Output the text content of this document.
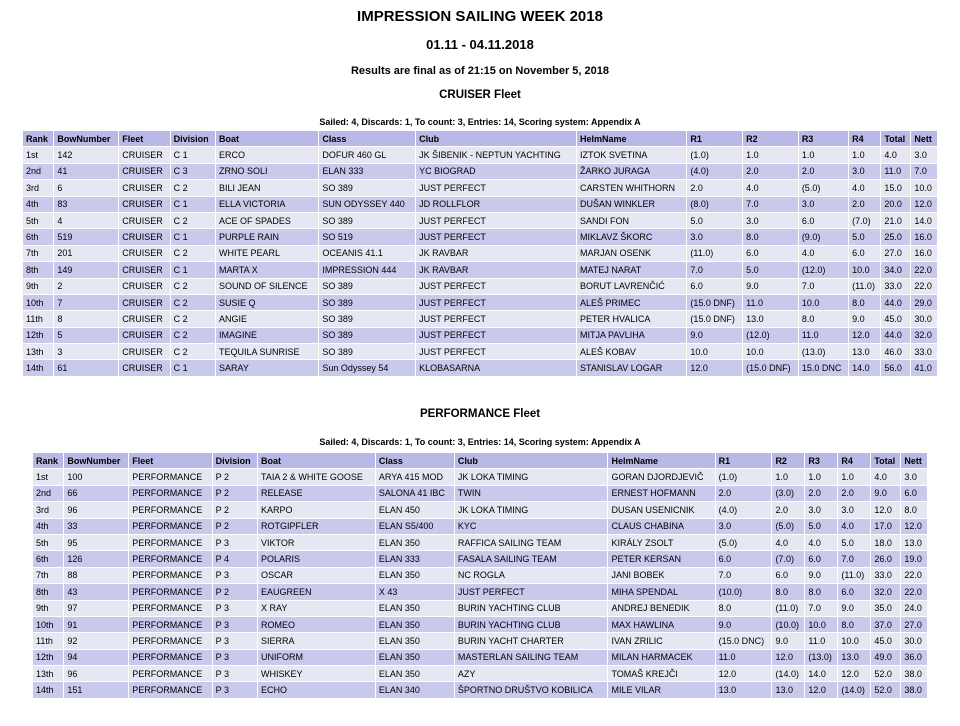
IMPRESSION SAILING WEEK 2018
01.11 - 04.11.2018
Results are final as of 21:15 on November 5, 2018
CRUISER Fleet
Sailed: 4, Discards: 1, To count: 3, Entries: 14, Scoring system: Appendix A
Rank	BowNumber	Fleet	Division	Boat	Class	Club	HelmName	R1	R2	R3	R4	Total	Nett
1st	142	CRUISER	C 1	ERCO	DOFUR 460 GL	JK ŠIBENIK - NEPTUN YACHTING	IZTOK SVETINA	(1.0)	1.0	1.0	1.0	4.0	3.0
2nd	41	CRUISER	C 3	ZRNO SOLI	ELAN 333	YC BIOGRAD	ŽARKO JURAGA	(4.0)	2.0	2.0	3.0	11.0	7.0
3rd	6	CRUISER	C 2	BILI JEAN	SO 389	JUST PERFECT	CARSTEN WHITHORN	2.0	4.0	(5.0)	4.0	15.0	10.0
4th	83	CRUISER	C 1	ELLA VICTORIA	SUN ODYSSEY 440	JD ROLLFLOR	DUŠAN WINKLER	(8.0)	7.0	3.0	2.0	20.0	12.0
5th	4	CRUISER	C 2	ACE OF SPADES	SO 389	JUST PERFECT	SANDI FON	5.0	3.0	6.0	(7.0)	21.0	14.0
6th	519	CRUISER	C 1	PURPLE RAIN	SO 519	JUST PERFECT	MIKLAVZ ŠKORC	3.0	8.0	(9.0)	5.0	25.0	16.0
7th	201	CRUISER	C 2	WHITE PEARL	OCEANIS 41.1	JK RAVBAR	MARJAN OSENK	(11.0)	6.0	4.0	6.0	27.0	16.0
8th	149	CRUISER	C 1	MARTA X	IMPRESSION 444	JK RAVBAR	MATEJ NARAT	7.0	5.0	(12.0)	10.0	34.0	22.0
9th	2	CRUISER	C 2	SOUND OF SILENCE	SO 389	JUST PERFECT	BORUT LAVRENČIĆ	6.0	9.0	7.0	(11.0)	33.0	22.0
10th	7	CRUISER	C 2	SUSIE Q	SO 389	JUST PERFECT	ALEŠ PRIMEC	(15.0 DNF)	11.0	10.0	8.0	44.0	29.0
11th	8	CRUISER	C 2	ANGIE	SO 389	JUST PERFECT	PETER HVALICA	(15.0 DNF)	13.0	8.0	9.0	45.0	30.0
12th	5	CRUISER	C 2	IMAGINE	SO 389	JUST PERFECT	MITJA PAVLIHA	9.0	(12.0)	11.0	12.0	44.0	32.0
13th	3	CRUISER	C 2	TEQUILA SUNRISE	SO 389	JUST PERFECT	ALEŠ KOBAV	10.0	10.0	(13.0)	13.0	46.0	33.0
14th	61	CRUISER	C 1	SARAY	Sun Odyssey 54	KLOBASARNA	STANISLAV LOGAR	12.0	(15.0 DNF)	15.0 DNC	14.0	56.0	41.0
PERFORMANCE Fleet
Sailed: 4, Discards: 1, To count: 3, Entries: 14, Scoring system: Appendix A
Rank	BowNumber	Fleet	Division	Boat	Class	Club	HelmName	R1	R2	R3	R4	Total	Nett
1st	100	PERFORMANCE	P 2	TAIA 2 & WHITE GOOSE	ARYA 415 MOD	JK LOKA TIMING	GORAN DJORDJEVIČ	(1.0)	1.0	1.0	1.0	4.0	3.0
2nd	66	PERFORMANCE	P 2	RELEASE	SALONA 41 IBC	TWIN	ERNEST HOFMANN	2.0	(3.0)	2.0	2.0	9.0	6.0
3rd	96	PERFORMANCE	P 2	KARPO	ELAN 450	JK LOKA TIMING	DUSAN USENICNIK	(4.0)	2.0	3.0	3.0	12.0	8.0
4th	33	PERFORMANCE	P 2	ROTGIPFLER	ELAN S5/400	KYC	CLAUS CHABINA	3.0	(5.0)	5.0	4.0	17.0	12.0
5th	95	PERFORMANCE	P 3	VIKTOR	ELAN 350	RAFFICA SAILING TEAM	KIRÁLY ZSOLT	(5.0)	4.0	4.0	5.0	18.0	13.0
6th	126	PERFORMANCE	P 4	POLARIS	ELAN 333	FASALA SAILING TEAM	PETER KERSAN	6.0	(7.0)	6.0	7.0	26.0	19.0
7th	88	PERFORMANCE	P 3	OSCAR	ELAN 350	NC ROGLA	JANI BOBEK	7.0	6.0	9.0	(11.0)	33.0	22.0
8th	43	PERFORMANCE	P 2	EAUGREEN	X 43	JUST PERFECT	MIHA SPENDAL	(10.0)	8.0	8.0	6.0	32.0	22.0
9th	97	PERFORMANCE	P 3	X RAY	ELAN 350	BURIN YACHTING CLUB	ANDREJ BENEDIK	8.0	(11.0)	7.0	9.0	35.0	24.0
10th	91	PERFORMANCE	P 3	ROMEO	ELAN 350	BURIN YACHTING CLUB	MAX HAWLINA	9.0	(10.0)	10.0	8.0	37.0	27.0
11th	92	PERFORMANCE	P 3	SIERRA	ELAN 350	BURIN YACHT CHARTER	IVAN ZRILIC	(15.0 DNC)	9.0	11.0	10.0	45.0	30.0
12th	94	PERFORMANCE	P 3	UNIFORM	ELAN 350	MASTERLAN SAILING TEAM	MILAN HARMACEK	11.0	12.0	(13.0)	13.0	49.0	36.0
13th	96	PERFORMANCE	P 3	WHISKEY	ELAN 350	AZY	TOMAŠ KREJČI	12.0	(14.0)	14.0	12.0	52.0	38.0
14th	151	PERFORMANCE	P 3	ECHO	ELAN 340	ŠPORTNO DRUŠTVO KOBILICA	MILE VILAR	13.0	13.0	12.0	(14.0)	52.0	38.0
